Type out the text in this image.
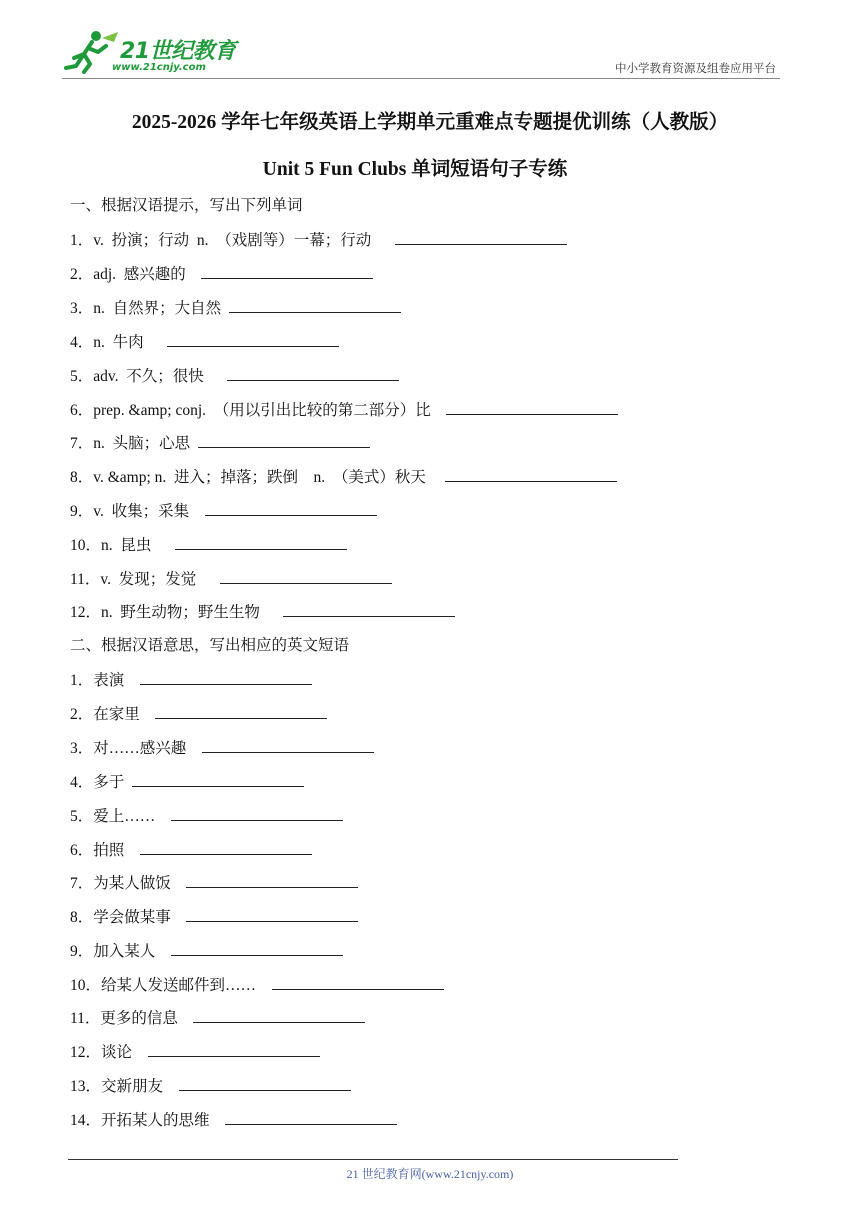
21世纪教育
www.21cnjy.com	中小学教育资源及组卷应用平台
2025-2026 学年七年级英语上学期单元重难点专题提优训练（人教版）
Unit 5 Fun Clubs 单词短语句子专练
一、根据汉语提示，写出下列单词
1．v.  扮演；行动  n.  （戏剧等）一幕；行动
2．adj.  感兴趣的
3．n.  自然界；大自然
4．n.  牛肉
5．adv.  不久；很快
6．prep. &amp; conj.  （用以引出比较的第二部分）比
7．n.  头脑；心思
8．v. &amp; n.  进入；掉落；跌倒    n.  （美式）秋天
9．v.  收集；采集
10．n.  昆虫
11．v.  发现；发觉
12．n.  野生动物；野生生物
二、根据汉语意思，写出相应的英文短语
1．表演
2．在家里
3．对……感兴趣
4．多于
5．爱上……
6．拍照
7．为某人做饭
8．学会做某事
9．加入某人
10．给某人发送邮件到……
11．更多的信息
12．谈论
13．交新朋友
14．开拓某人的思维
21 世纪教育网(www.21cnjy.com)
